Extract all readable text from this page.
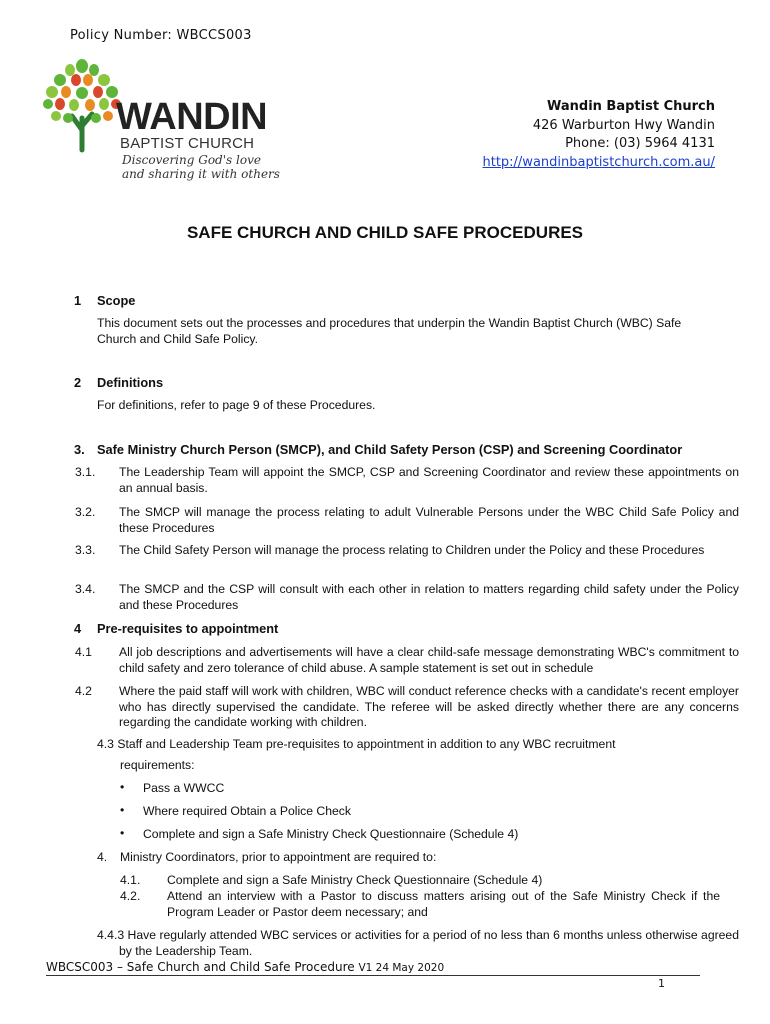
Policy Number: WBCCS003
WANDIN
BAPTIST CHURCH
Discovering God's love
and sharing it with others
Wandin Baptist Church
426 Warburton Hwy Wandin
Phone: (03) 5964 4131
http://wandinbaptistchurch.com.au/
SAFE CHURCH AND CHILD SAFE PROCEDURES
1 Scope
This document sets out the processes and procedures that underpin the Wandin Baptist Church (WBC) Safe
Church and Child Safe Policy.
2 Definitions
For definitions, refer to page 9 of these Procedures.
3. Safe Ministry Church Person (SMCP), and Child Safety Person (CSP) and Screening Coordinator
3.1. The Leadership Team will appoint the SMCP, CSP and Screening Coordinator and review these appointments on an annual basis.
3.2. The SMCP will manage the process relating to adult Vulnerable Persons under the WBC Child Safe Policy and these Procedures
3.3. The Child Safety Person will manage the process relating to Children under the Policy and these Procedures
3.4. The SMCP and the CSP will consult with each other in relation to matters regarding child safety under the Policy and these Procedures
4 Pre-requisites to appointment
4.1 All job descriptions and advertisements will have a clear child-safe message demonstrating WBC's commitment to child safety and zero tolerance of child abuse. A sample statement is set out in schedule
4.2 Where the paid staff will work with children, WBC will conduct reference checks with a candidate's recent employer who has directly supervised the candidate. The referee will be asked directly whether there are any concerns regarding the candidate working with children.
4.3 Staff and Leadership Team pre-requisites to appointment in addition to any WBC recruitment
requirements:
• Pass a WWCC
• Where required Obtain a Police Check
• Complete and sign a Safe Ministry Check Questionnaire (Schedule 4)
4. Ministry Coordinators, prior to appointment are required to:
4.1. Complete and sign a Safe Ministry Check Questionnaire (Schedule 4)
4.2. Attend an interview with a Pastor to discuss matters arising out of the Safe Ministry Check if the Program Leader or Pastor deem necessary; and
4.4.3 Have regularly attended WBC services or activities for a period of no less than 6 months unless otherwise agreed by the Leadership Team.
WBCSC003 – Safe Church and Child Safe Procedure V1 24 May 2020
1
